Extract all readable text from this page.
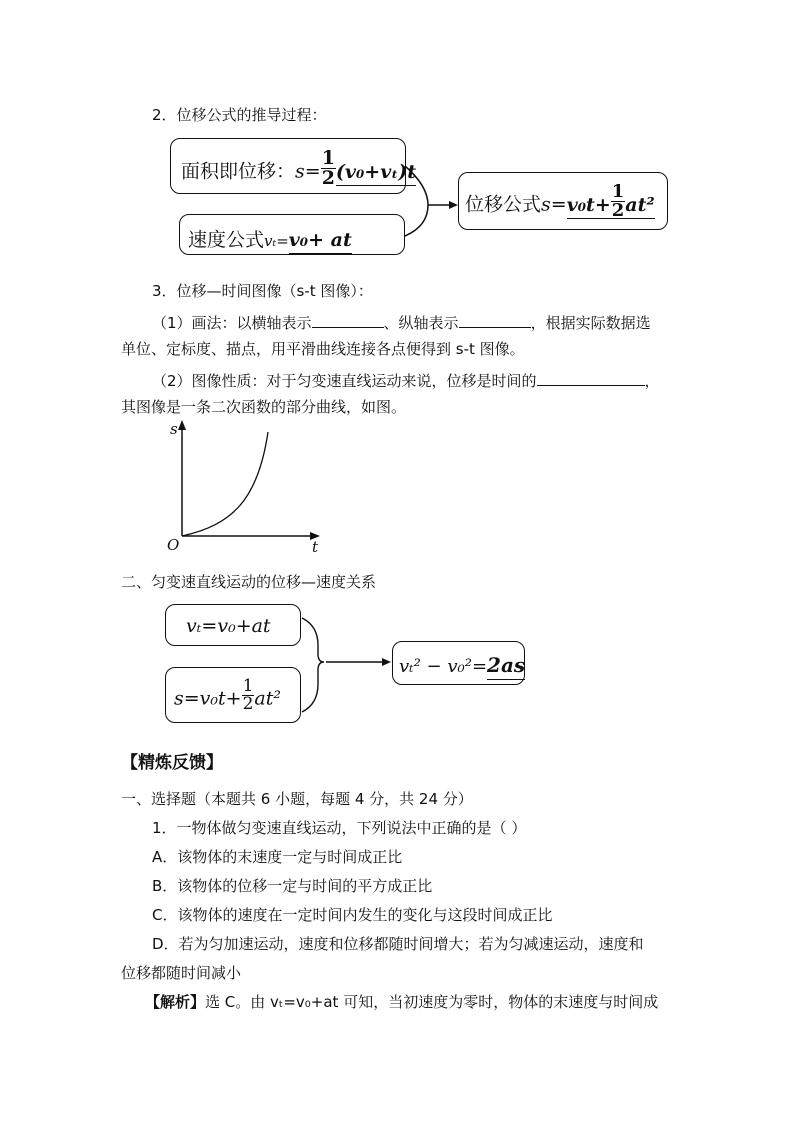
2．位移公式的推导过程：
面积即位移：$s= \frac{1}{2} (v_0+v_t)t$
速度公式vₜ=v₀+ at
位移公式$s=v_0t+ \frac{1}{2} at^2$
3．位移—时间图像（s-t 图像）：
（1）画法：以横轴表示	、纵轴表示	，根据实际数据选
单位、定标度、描点，用平滑曲线连接各点便得到 s-t 图像。
（2）图像性质：对于匀变速直线运动来说，位移是时间的	，
其图像是一条二次函数的部分曲线，如图。
s
t
O
二、匀变速直线运动的位移—速度关系
vₜ=v₀+at
$s=v_0t+ \frac{1}{2} at^2$
vₜ² − v₀²=2as
【精炼反馈】
一、选择题（本题共 6 小题，每题 4 分，共 24 分）
1．一物体做匀变速直线运动，下列说法中正确的是（ ）
A．该物体的末速度一定与时间成正比
B．该物体的位移一定与时间的平方成正比
C．该物体的速度在一定时间内发生的变化与这段时间成正比
D．若为匀加速运动，速度和位移都随时间增大；若为匀减速运动，速度和
位移都随时间减小
【解析】选 C。由 vₜ=v₀+at 可知，当初速度为零时，物体的末速度与时间成
